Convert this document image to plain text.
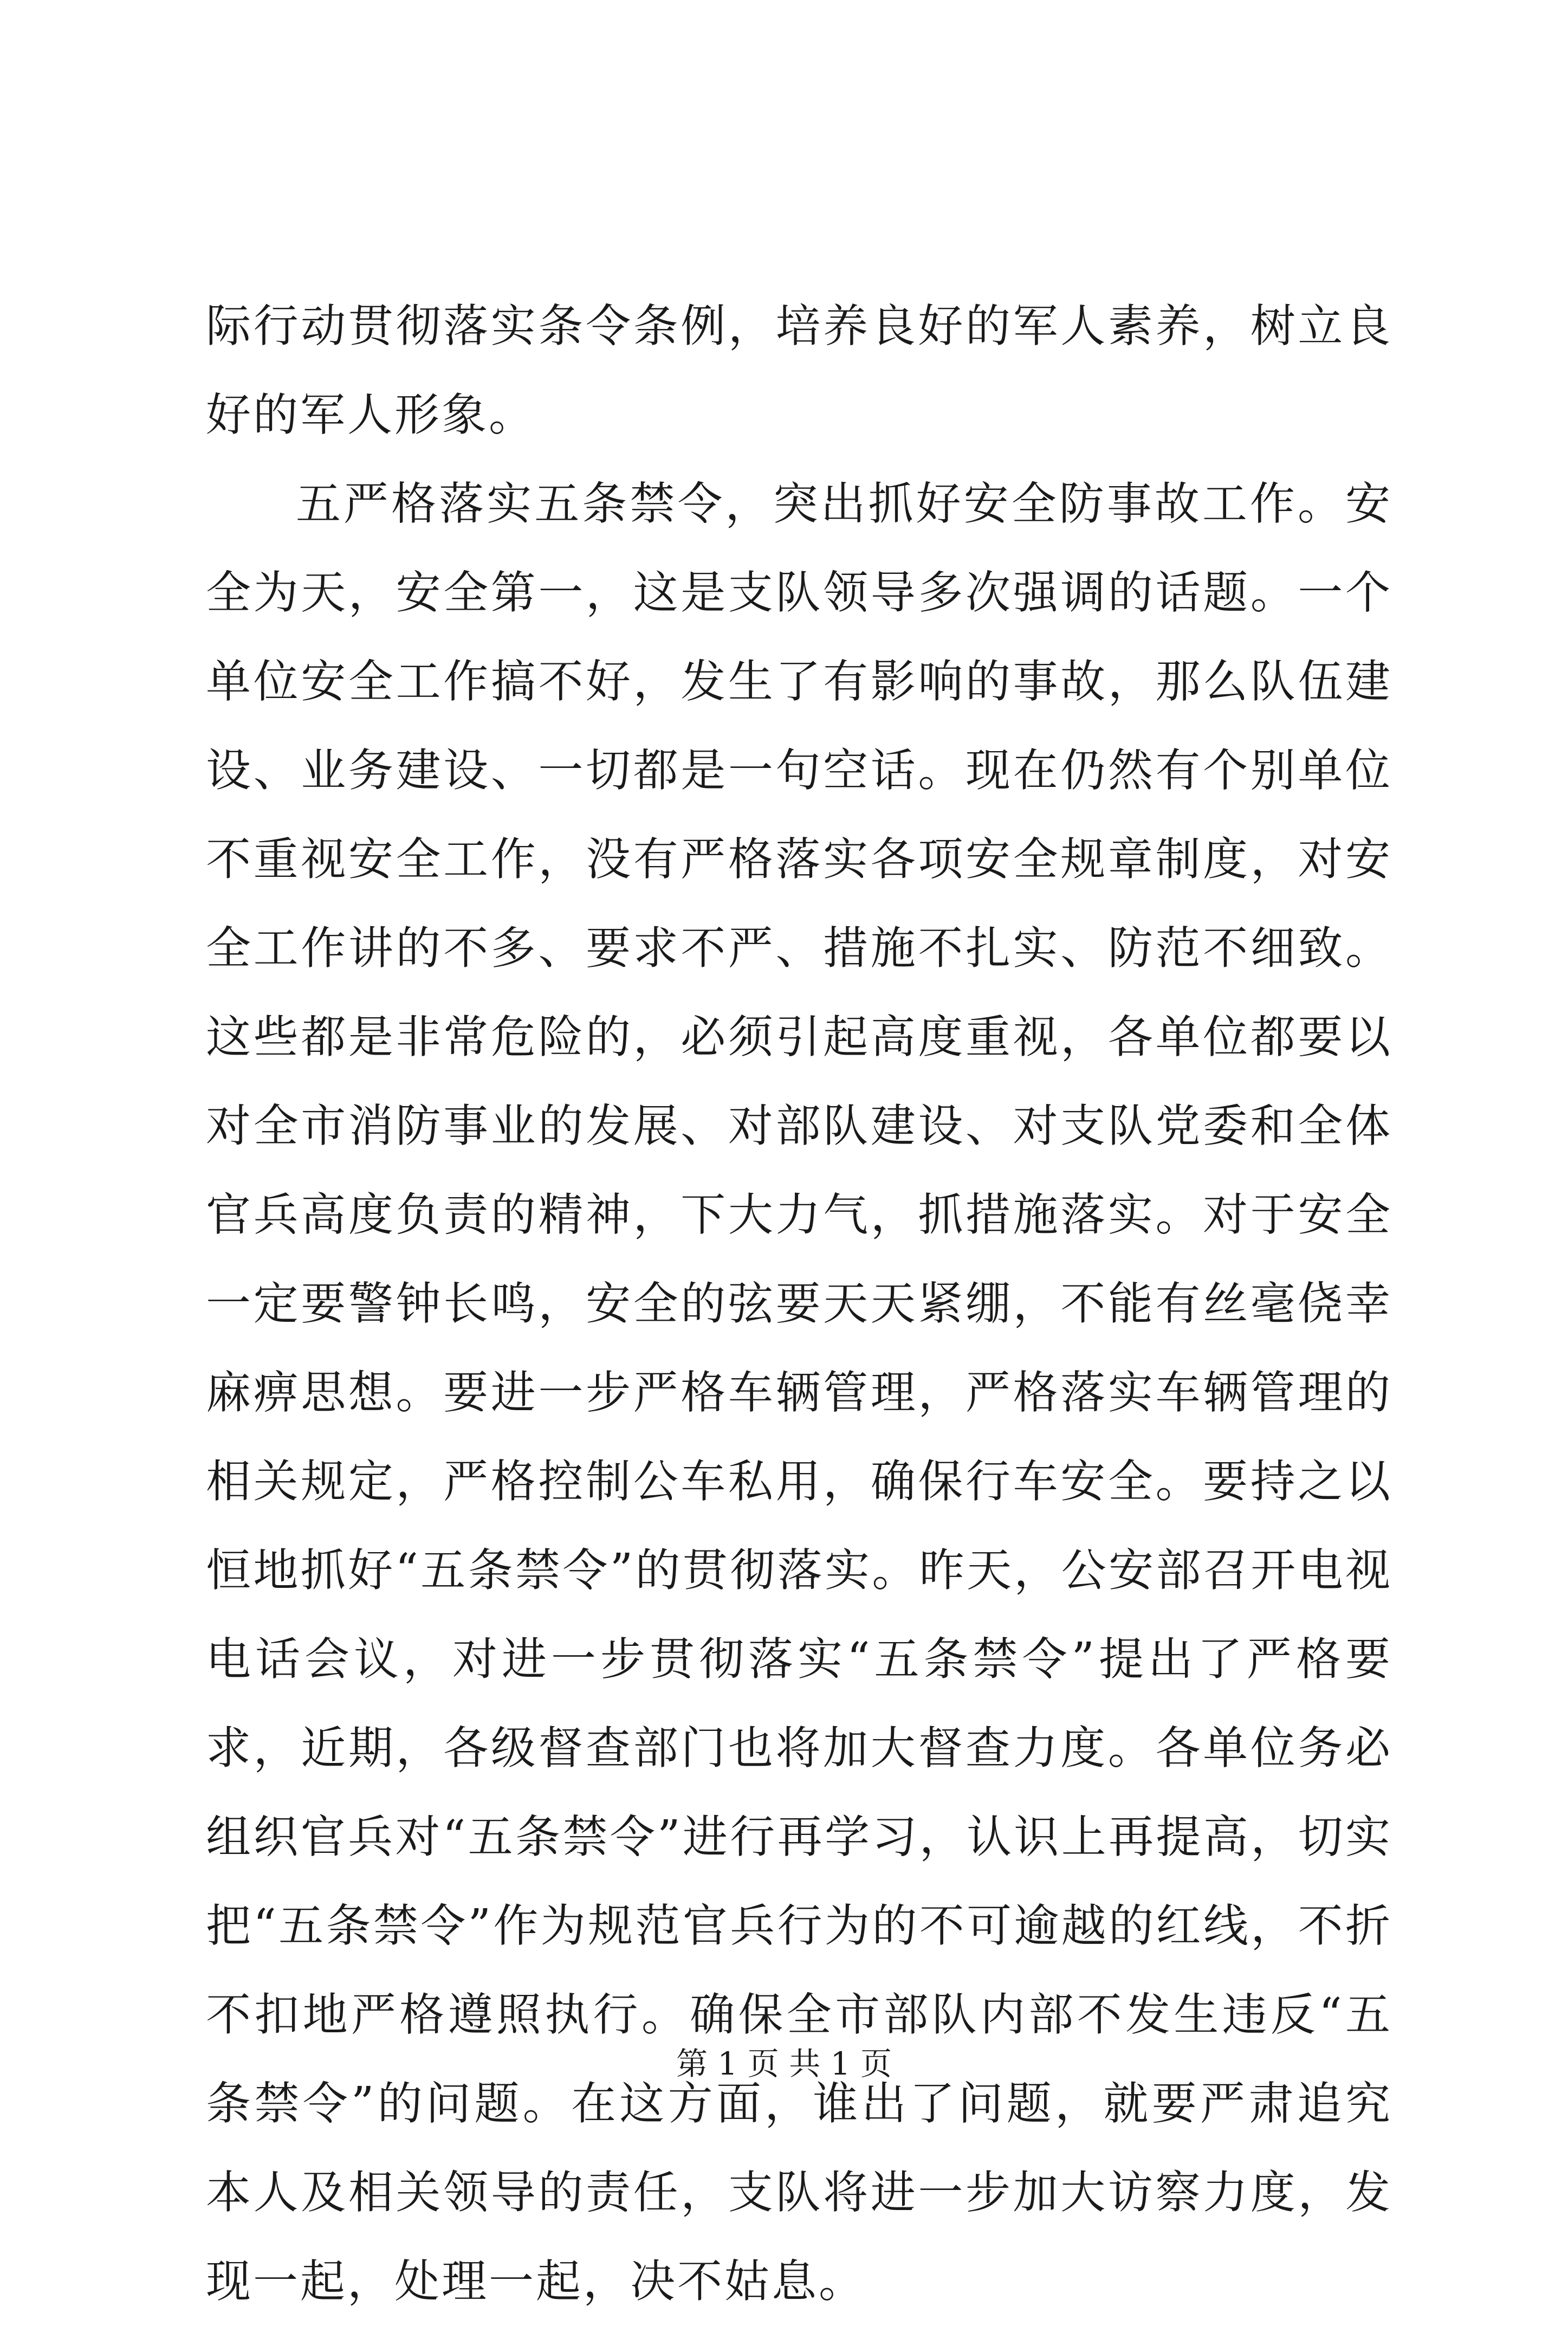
际行动贯彻落实条令条例，培养良好的军人素养，树立良好的军人形象。

五严格落实五条禁令，突出抓好安全防事故工作。安全为天，安全第一，这是支队领导多次强调的话题。一个单位安全工作搞不好，发生了有影响的事故，那么队伍建设、业务建设、一切都是一句空话。现在仍然有个别单位不重视安全工作，没有严格落实各项安全规章制度，对安全工作讲的不多、要求不严、措施不扎实、防范不细致。这些都是非常危险的，必须引起高度重视，各单位都要以对全市消防事业的发展、对部队建设、对支队党委和全体官兵高度负责的精神，下大力气，抓措施落实。对于安全一定要警钟长鸣，安全的弦要天天紧绷，不能有丝毫侥幸麻痹思想。要进一步严格车辆管理，严格落实车辆管理的相关规定，严格控制公车私用，确保行车安全。要持之以恒地抓好“五条禁令”的贯彻落实。昨天，公安部召开电视电话会议，对进一步贯彻落实“五条禁令”提出了严格要求，近期，各级督查部门也将加大督查力度。各单位务必组织官兵对“五条禁令”进行再学习，认识上再提高，切实把“五条禁令”作为规范官兵行为的不可逾越的红线，不折不扣地严格遵照执行。确保全市部队内部不发生违反“五条禁令”的问题。在这方面，谁出了问题，就要严肃追究本人及相关领导的责任，支队将进一步加大访察力度，发现一起，处理一起，决不姑息。

第 1 页 共 1 页
